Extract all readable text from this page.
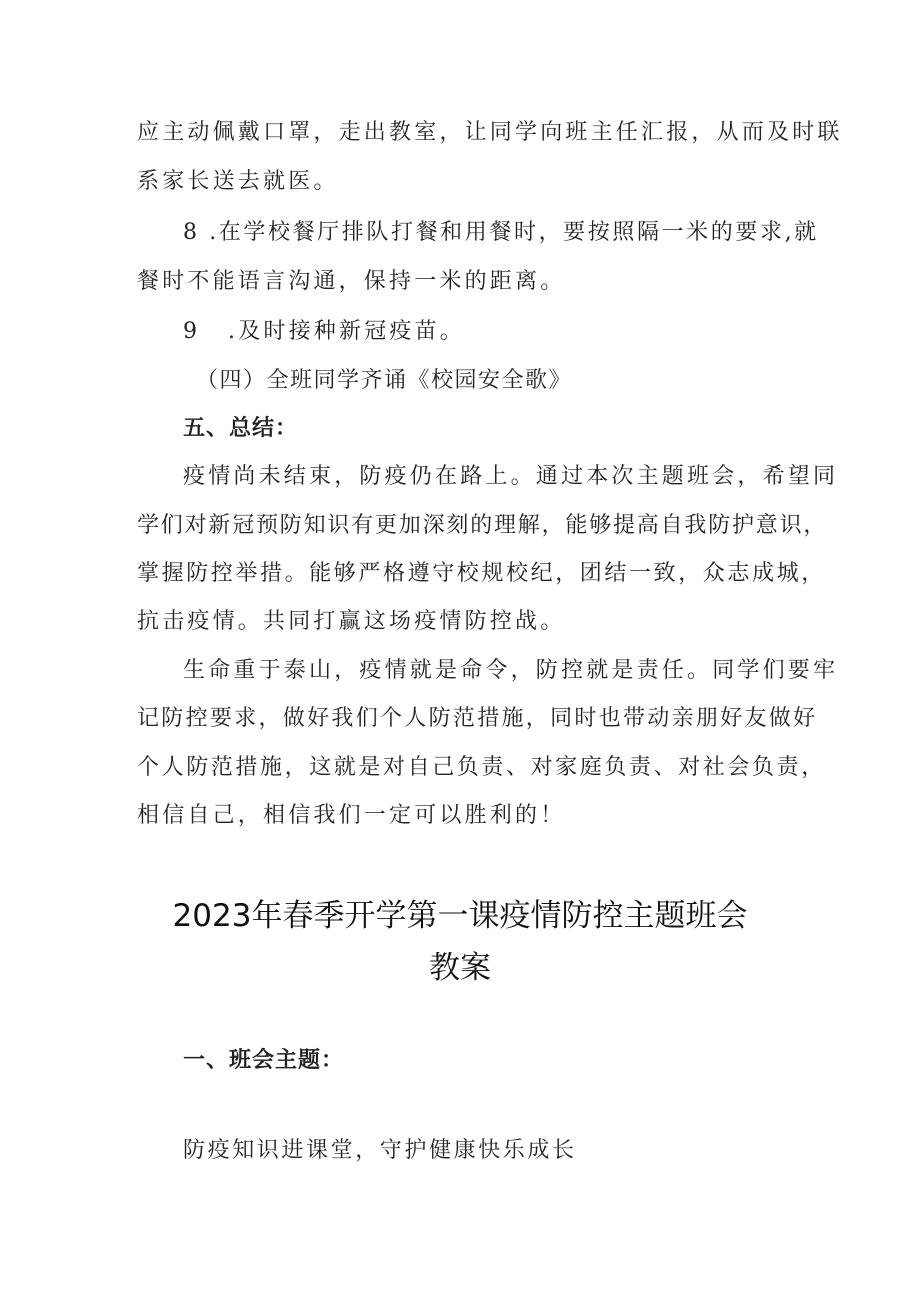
应主动佩戴口罩，走出教室，让同学向班主任汇报，从而及时联
系家长送去就医。
8 .在学校餐厅排队打餐和用餐时，要按照隔一米的要求,就
餐时不能语言沟通，保持一米的距离。
9 .及时接种新冠疫苗。
（四）全班同学齐诵《校园安全歌》
五、总结：
疫情尚未结束，防疫仍在路上。通过本次主题班会，希望同
学们对新冠预防知识有更加深刻的理解，能够提高自我防护意识，
掌握防控举措。能够严格遵守校规校纪，团结一致，众志成城，
抗击疫情。共同打赢这场疫情防控战。
生命重于泰山，疫情就是命令，防控就是责任。同学们要牢
记防控要求，做好我们个人防范措施，同时也带动亲朋好友做好
个人防范措施，这就是对自己负责、对家庭负责、对社会负责，
相信自己，相信我们一定可以胜利的！
2023年春季开学第一课疫情防控主题班会
教案
一、班会主题：
防疫知识进课堂，守护健康快乐成长
